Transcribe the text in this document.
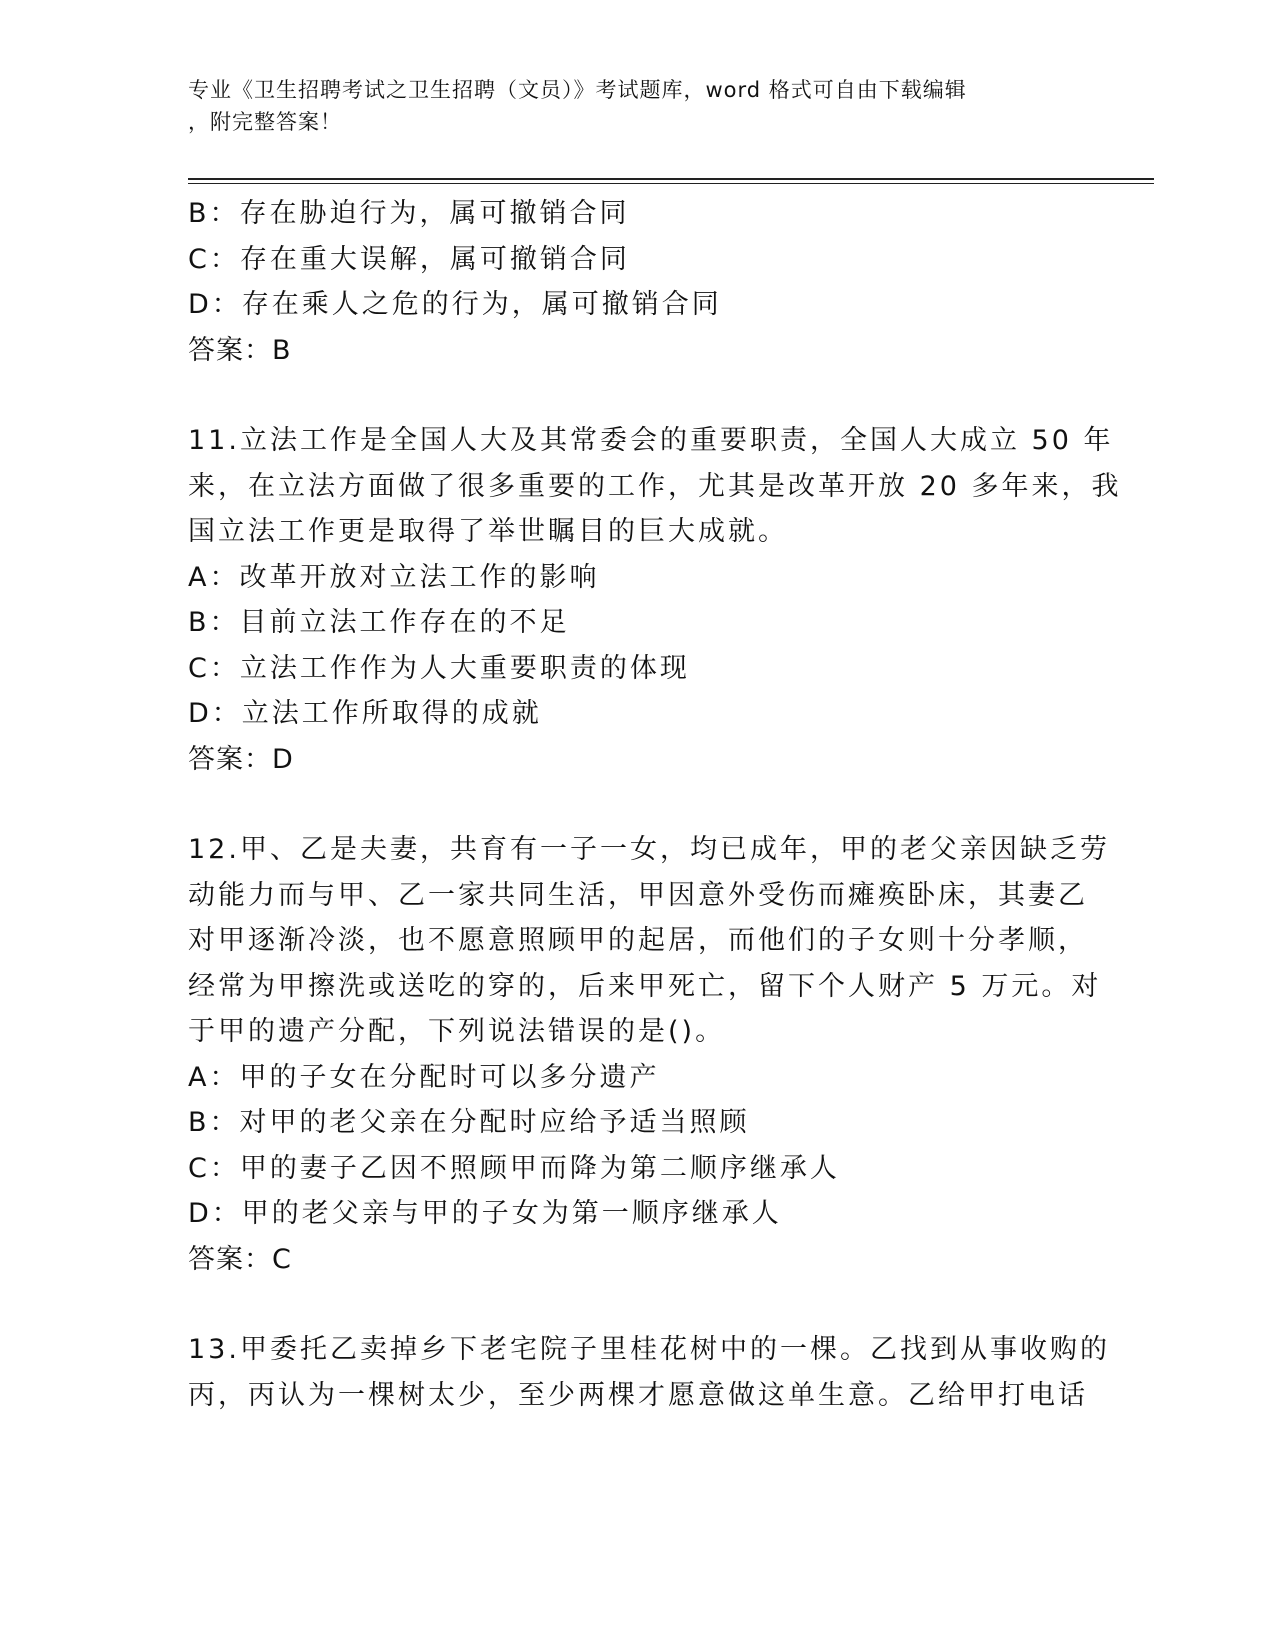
专业《卫生招聘考试之卫生招聘（文员）》考试题库，word 格式可自由下载编辑
，附完整答案！
B：存在胁迫行为，属可撤销合同
C：存在重大误解，属可撤销合同
D：存在乘人之危的行为，属可撤销合同
答案：B
11.立法工作是全国人大及其常委会的重要职责，全国人大成立 50 年
来，在立法方面做了很多重要的工作，尤其是改革开放 20 多年来，我
国立法工作更是取得了举世瞩目的巨大成就。
A：改革开放对立法工作的影响
B：目前立法工作存在的不足
C：立法工作作为人大重要职责的体现
D：立法工作所取得的成就
答案：D
12.甲、乙是夫妻，共育有一子一女，均已成年，甲的老父亲因缺乏劳
动能力而与甲、乙一家共同生活，甲因意外受伤而瘫痪卧床，其妻乙
对甲逐渐冷淡，也不愿意照顾甲的起居，而他们的子女则十分孝顺，
经常为甲擦洗或送吃的穿的，后来甲死亡，留下个人财产 5 万元。对
于甲的遗产分配，下列说法错误的是()。
A：甲的子女在分配时可以多分遗产
B：对甲的老父亲在分配时应给予适当照顾
C：甲的妻子乙因不照顾甲而降为第二顺序继承人
D：甲的老父亲与甲的子女为第一顺序继承人
答案：C
13.甲委托乙卖掉乡下老宅院子里桂花树中的一棵。乙找到从事收购的
丙，丙认为一棵树太少，至少两棵才愿意做这单生意。乙给甲打电话
